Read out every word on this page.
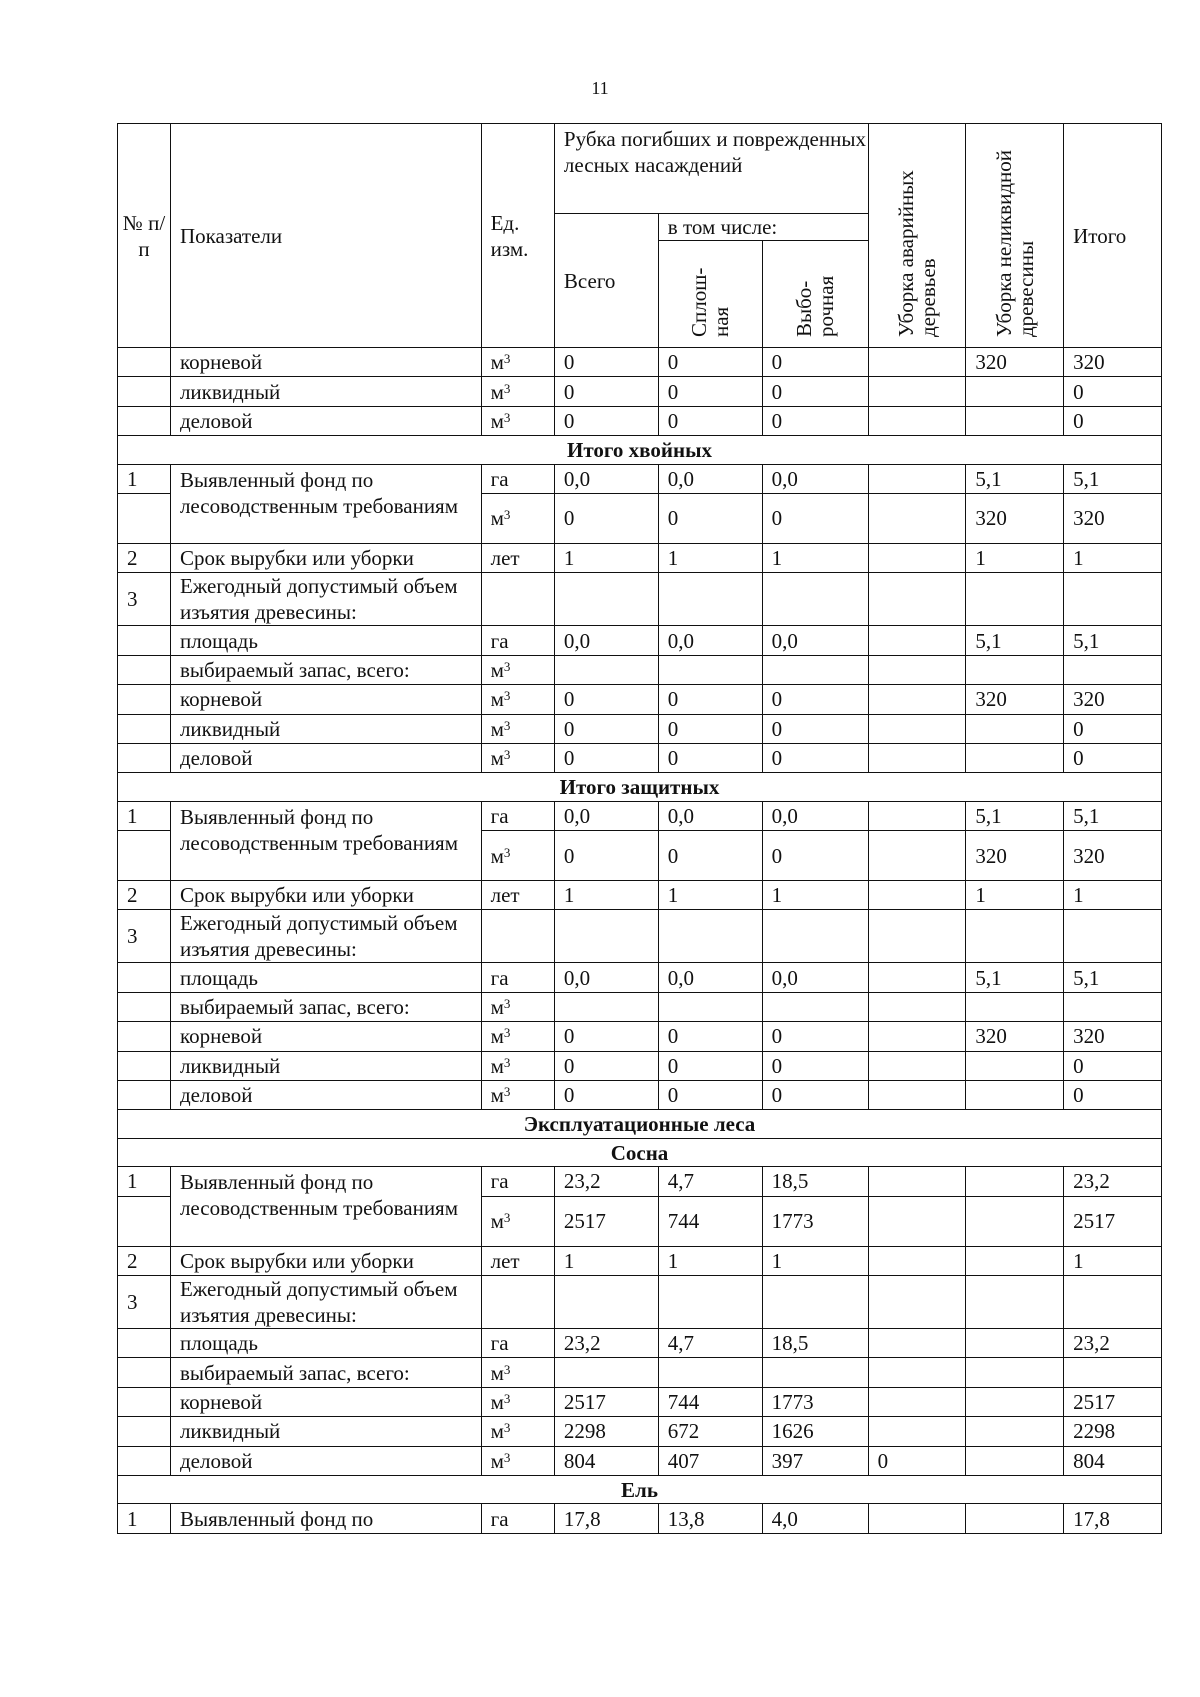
11
№ п/п	Показатели	Ед. изм.	Рубка погибших и поврежденных лесных насаждений			Уборка аварийных деревьев	Уборка неликвидной древесины	Итого
			Всего	в том числе:				
				Сплош-ная	Выбо-рочная			
	корневой	$м^3$	0	0	0		320	320
	ликвидный	$м^3$	0	0	0			0
	деловой	$м^3$	0	0	0			0
Итого хвойных								
1	Выявленный фонд по лесоводственным требованиям	га	0,0	0,0	0,0		5,1	5,1
		$м^3$	0	0	0		320	320
2	Срок вырубки или уборки	лет	1	1	1		1	1
3	Ежегодный допустимый объем изъятия древесины:							
	площадь	га	0,0	0,0	0,0		5,1	5,1
	выбираемый запас, всего:	$м^3$						
	корневой	$м^3$	0	0	0		320	320
	ликвидный	$м^3$	0	0	0			0
	деловой	$м^3$	0	0	0			0
Итого защитных								
1	Выявленный фонд по лесоводственным требованиям	га	0,0	0,0	0,0		5,1	5,1
		$м^3$	0	0	0		320	320
2	Срок вырубки или уборки	лет	1	1	1		1	1
3	Ежегодный допустимый объем изъятия древесины:							
	площадь	га	0,0	0,0	0,0		5,1	5,1
	выбираемый запас, всего:	$м^3$						
	корневой	$м^3$	0	0	0		320	320
	ликвидный	$м^3$	0	0	0			0
	деловой	$м^3$	0	0	0			0
Эксплуатационные леса								
Сосна								
1	Выявленный фонд по лесоводственным требованиям	га	23,2	4,7	18,5			23,2
		$м^3$	2517	744	1773			2517
2	Срок вырубки или уборки	лет	1	1	1			1
3	Ежегодный допустимый объем изъятия древесины:							
	площадь	га	23,2	4,7	18,5			23,2
	выбираемый запас, всего:	$м^3$						
	корневой	$м^3$	2517	744	1773			2517
	ликвидный	$м^3$	2298	672	1626			2298
	деловой	$м^3$	804	407	397	0		804
Ель								
1	Выявленный фонд по	га	17,8	13,8	4,0			17,8
